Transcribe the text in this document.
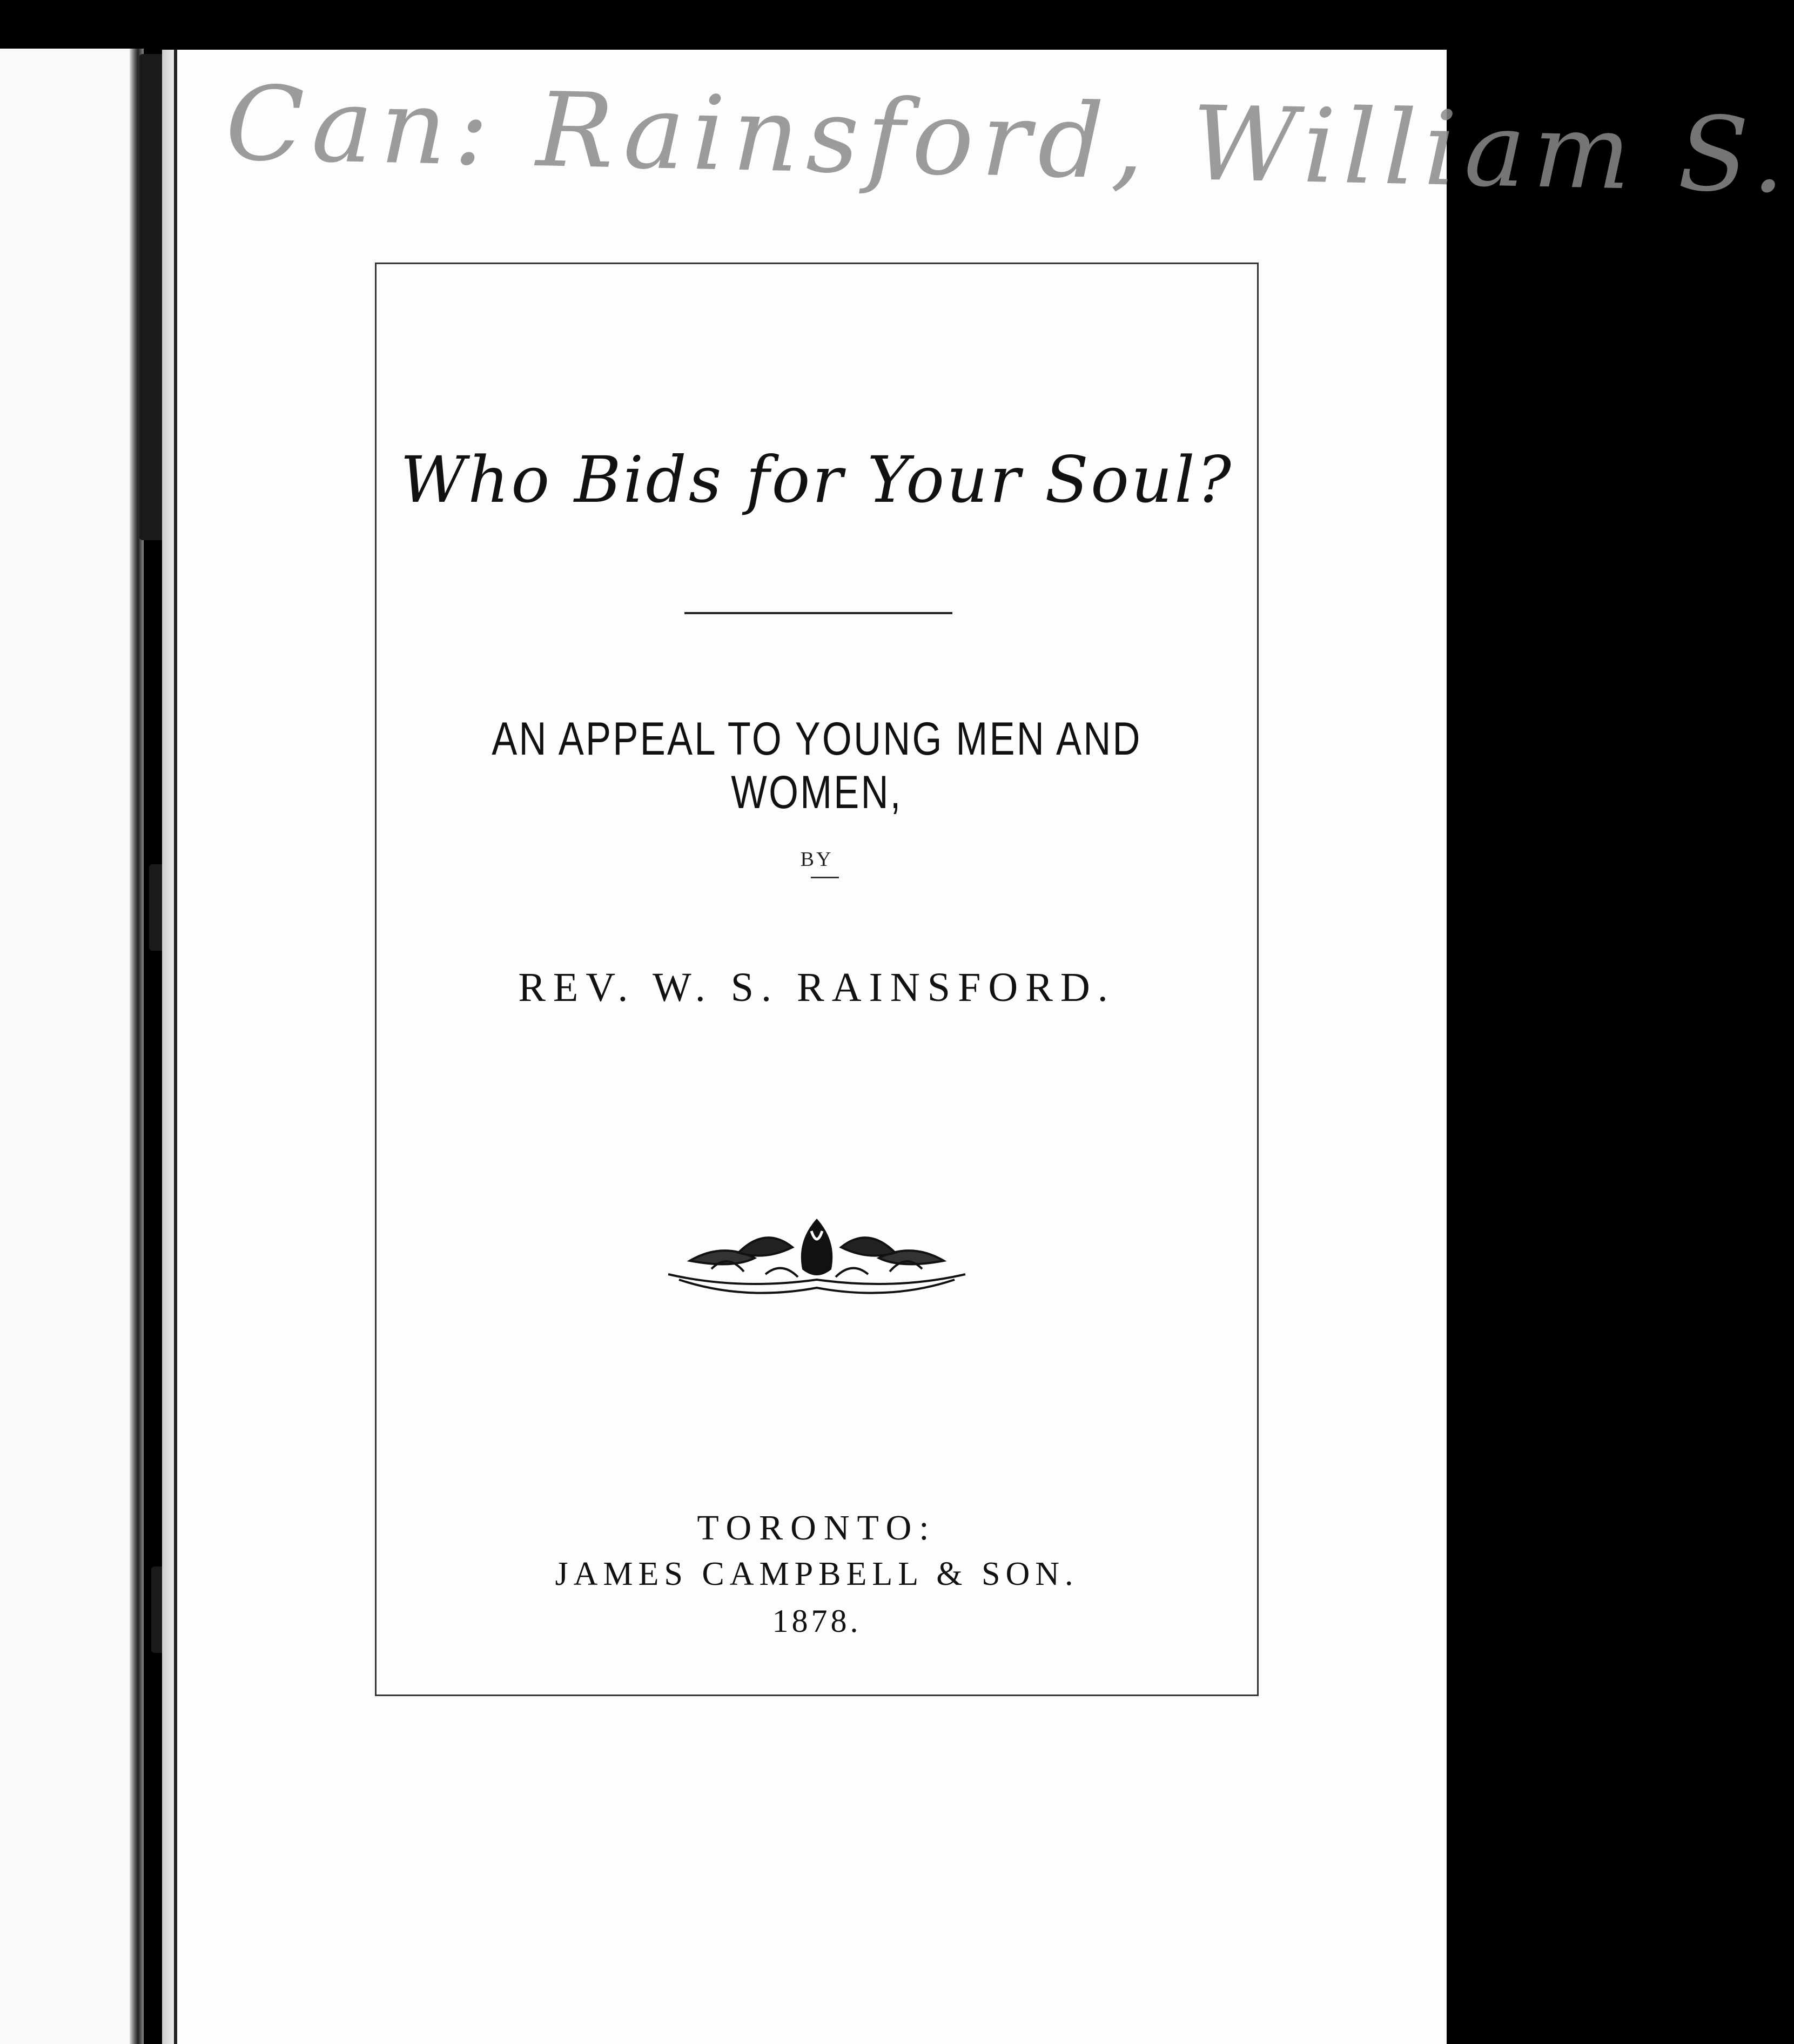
Can: Rainsford, William S.
Who Bids for Your Soul?
AN APPEAL TO YOUNG MEN AND WOMEN,
BY
REV. W. S. RAINSFORD.
TORONTO:
JAMES CAMPBELL & SON.
1878.
